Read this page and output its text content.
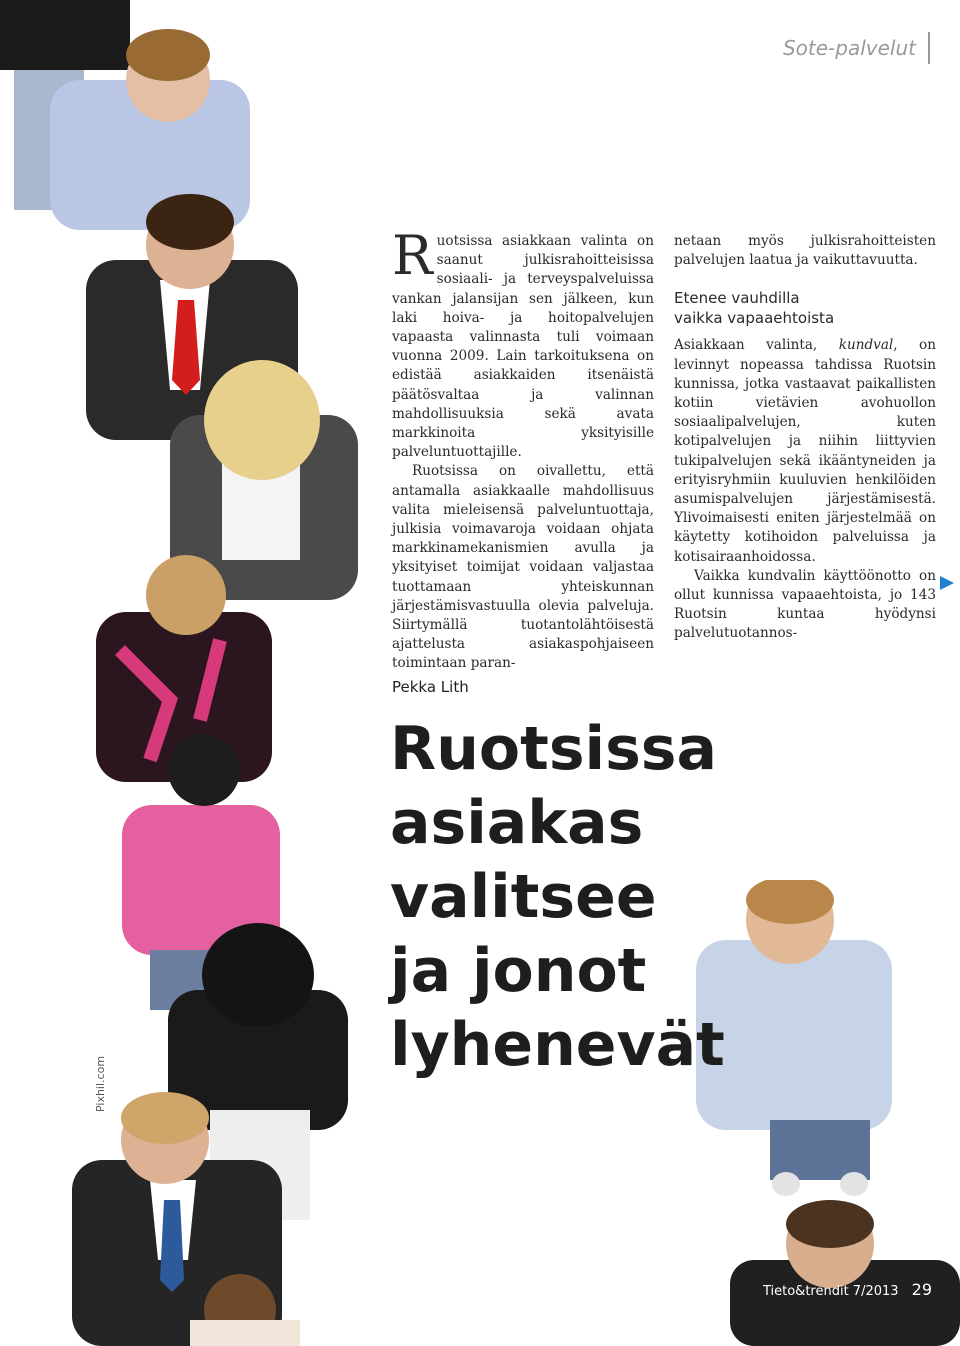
Sote-palvelut
Pixhil.com

Ruotsissa asiakkaan valinta on saanut julkisrahoitteisissa sosiaali- ja terveyspalveluissa vankan jalansijan sen jälkeen, kun laki hoiva- ja hoitopalvelujen vapaasta valinnasta tuli voimaan vuonna 2009. Lain tarkoituksena on edistää asiakkaiden itsenäistä päätösvaltaa ja valinnan mahdollisuuksia sekä avata markkinoita yksityisille palveluntuottajille.

Ruotsissa on oivallettu, että antamalla asiakkaalle mahdollisuus valita mieleisensä palveluntuottaja, julkisia voimavaroja voidaan ohjata markkinamekanismien avulla ja yksityiset toimijat voidaan valjastaa tuottamaan yhteiskunnan järjestämisvastuulla olevia palveluja. Siirtymällä tuotantolähtöisestä ajattelusta asiakaspohjaiseen toimintaan paran-

netaan myös julkisrahoitteisten palvelujen laatua ja vaikuttavuutta.

Etenee vauhdilla
vaikka vapaaehtoista

Asiakkaan valinta, kundval, on levinnyt nopeassa tahdissa Ruotsin kunnissa, jotka vastaavat paikallisten kotiin vietävien avohuollon sosiaalipalvelujen, kuten kotipalvelujen ja niihin liittyvien tukipalvelujen sekä ikääntyneiden ja erityisryhmiin kuuluvien henkilöiden asumispalvelujen järjestämisestä. Ylivoimaisesti eniten järjestelmää on käytetty kotihoidon palveluissa ja kotisairaanhoidossa.

Vaikka kundvalin käyttöönotto on ollut kunnissa vapaaehtoista, jo 143 Ruotsin kuntaa hyödynsi palvelutuotannos-

Pekka Lith
Ruotsissa
asiakas valitsee
ja jonot
lyhenevät
Tieto&trendit 7/2013 29
